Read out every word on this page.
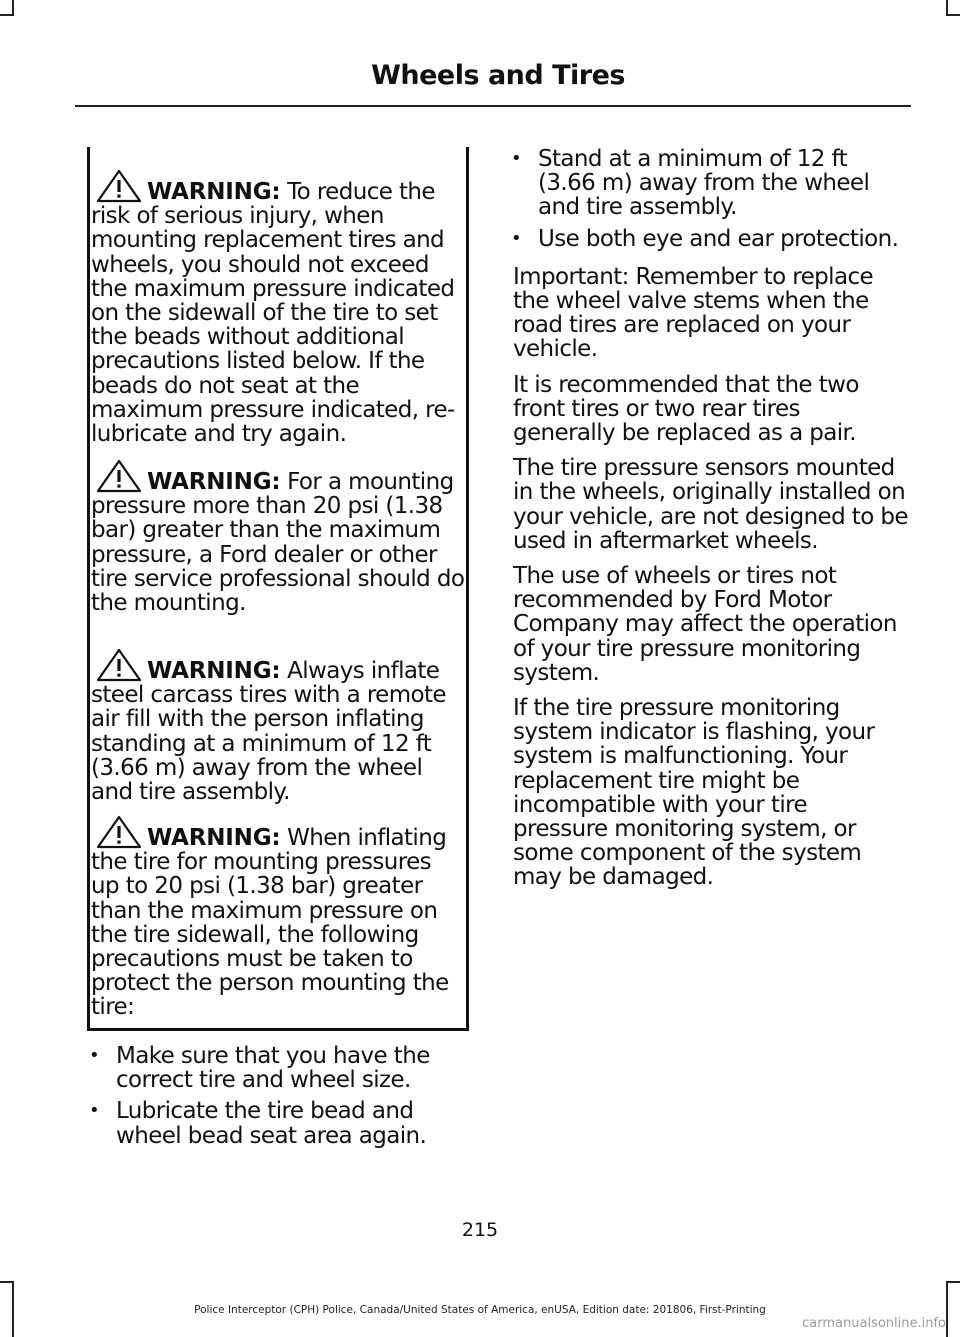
Wheels and Tires
WARNING: To reduce the risk of serious injury, when mounting replacement tires and wheels, you should not exceed the maximum pressure indicated on the sidewall of the tire to set the beads without additional precautions listed below. If the beads do not seat at the maximum pressure indicated, re-lubricate and try again.
WARNING: For a mounting pressure more than 20 psi (1.38 bar) greater than the maximum pressure, a Ford dealer or other tire service professional should do the mounting.
WARNING: Always inflate steel carcass tires with a remote air fill with the person inflating standing at a minimum of 12 ft (3.66 m) away from the wheel and tire assembly.
WARNING: When inflating the tire for mounting pressures up to 20 psi (1.38 bar) greater than the maximum pressure on the tire sidewall, the following precautions must be taken to protect the person mounting the tire:
• Make sure that you have the correct tire and wheel size.
• Lubricate the tire bead and wheel bead seat area again.
• Stand at a minimum of 12 ft (3.66 m) away from the wheel and tire assembly.
• Use both eye and ear protection.

Important: Remember to replace the wheel valve stems when the road tires are replaced on your vehicle.

It is recommended that the two front tires or two rear tires generally be replaced as a pair.

The tire pressure sensors mounted in the wheels, originally installed on your vehicle, are not designed to be used in aftermarket wheels.

The use of wheels or tires not recommended by Ford Motor Company may affect the operation of your tire pressure monitoring system.

If the tire pressure monitoring system indicator is flashing, your system is malfunctioning. Your replacement tire might be incompatible with your tire pressure monitoring system, or some component of the system may be damaged.

215
Police Interceptor (CPH) Police, Canada/United States of America, enUSA, Edition date: 201806, First-Printing
carmanualsonline.info
